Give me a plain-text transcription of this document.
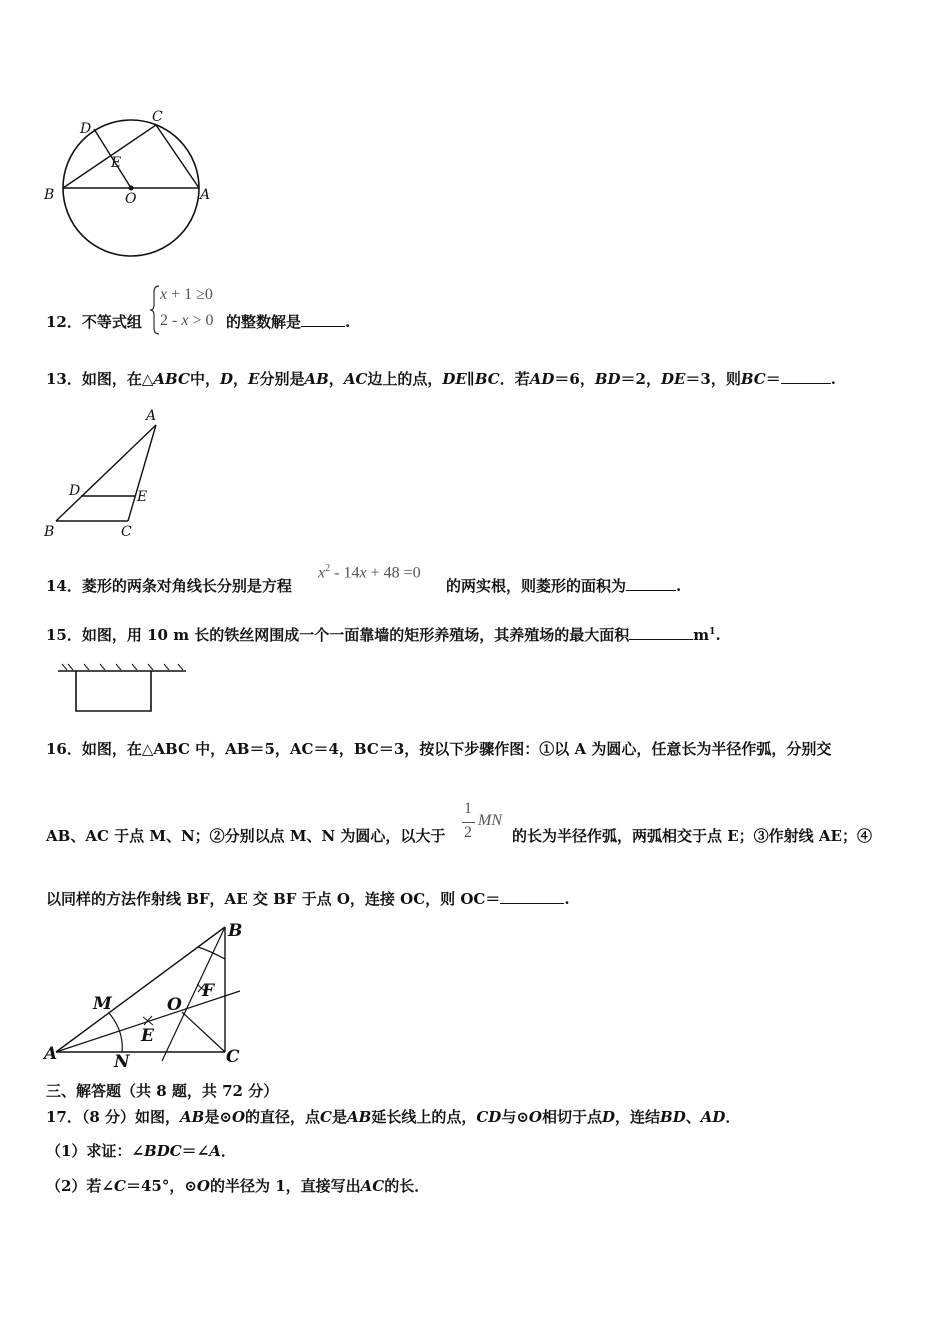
D
C
E
B	O	A
12．不等式组
x + 1 ≥0
2 - x > 0 的整数解是	.
13．如图，在△ABC中，D，E分别是AB，AC边上的点，DE∥BC．若AD＝6，BD＝2，DE＝3，则BC＝	.
A
D	E
B	C
14．菱形的两条对角线长分别是方程
$x^2 - 14x + 48 =0$
的两实根，则菱形的面积为	.
15．如图，用 10 m 长的铁丝网围成一个一面靠墙的矩形养殖场，其养殖场的最大面积	$m^1$.
16．如图，在△ABC 中，AB＝5，AC＝4，BC＝3，按以下步骤作图：①以 A 为圆心，任意长为半径作弧，分别交
AB、AC 于点 M、N；②分别以点 M、N 为圆心，以大于
1
2
MN
的长为半径作弧，两弧相交于点 E；③作射线 AE；④
以同样的方法作射线 BF，AE 交 BF 于点 O，连接 OC，则 OC＝	.
B
M	O
F
E
A	N	C
三、解答题（共 8 题，共 72 分）
17．（8 分）如图，AB是⊙O的直径，点C是AB延长线上的点，CD与⊙O相切于点D，连结BD、AD．
（1）求证：∠BDC＝∠A．
（2）若∠C＝45°，⊙O的半径为 1，直接写出AC的长．
